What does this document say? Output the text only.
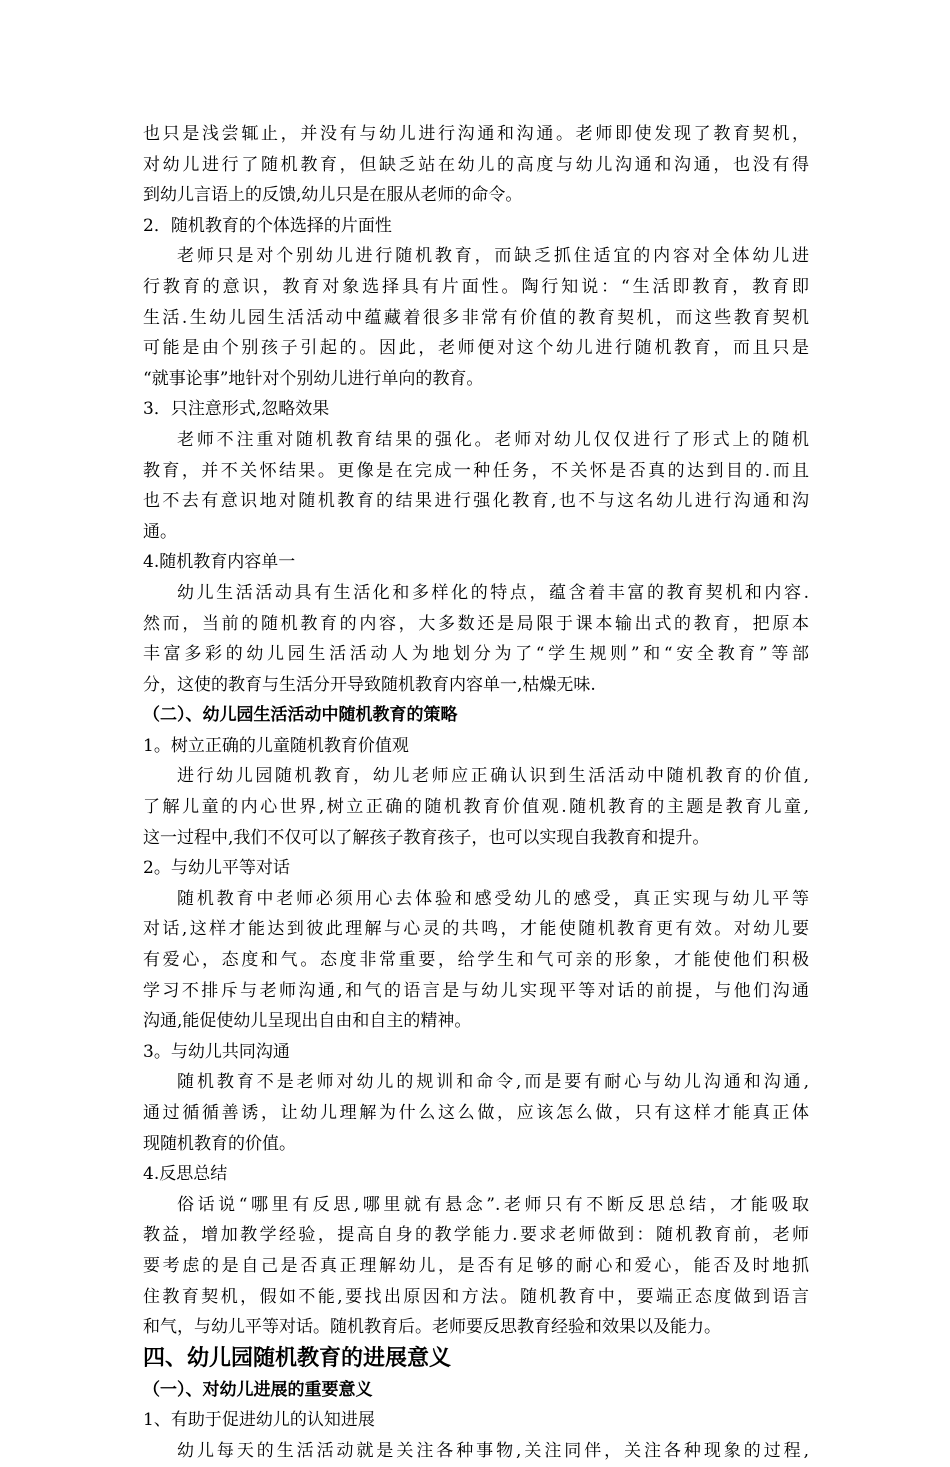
也只是浅尝辄止，并没有与幼儿进行沟通和沟通。老师即使发现了教育契机，
对幼儿进行了随机教育，但缺乏站在幼儿的高度与幼儿沟通和沟通，也没有得
到幼儿言语上的反馈,幼儿只是在服从老师的命令。
2．随机教育的个体选择的片面性
老师只是对个别幼儿进行随机教育，而缺乏抓住适宜的内容对全体幼儿进
行教育的意识，教育对象选择具有片面性。陶行知说：“生活即教育，教育即
生活.生幼儿园生活活动中蕴藏着很多非常有价值的教育契机，而这些教育契机
可能是由个别孩子引起的。因此，老师便对这个幼儿进行随机教育，而且只是
“就事论事”地针对个别幼儿进行单向的教育。
3．只注意形式,忽略效果
老师不注重对随机教育结果的强化。老师对幼儿仅仅进行了形式上的随机
教育，并不关怀结果。更像是在完成一种任务，不关怀是否真的达到目的.而且
也不去有意识地对随机教育的结果进行强化教育,也不与这名幼儿进行沟通和沟
通。
4.随机教育内容单一
幼儿生活活动具有生活化和多样化的特点，蕴含着丰富的教育契机和内容.
然而，当前的随机教育的内容，大多数还是局限于课本输出式的教育，把原本
丰富多彩的幼儿园生活活动人为地划分为了“学生规则”和“安全教育”等部
分，这使的教育与生活分开导致随机教育内容单一,枯燥无味.
（二）、幼儿园生活活动中随机教育的策略
1。树立正确的儿童随机教育价值观
进行幼儿园随机教育，幼儿老师应正确认识到生活活动中随机教育的价值,
了解儿童的内心世界,树立正确的随机教育价值观.随机教育的主题是教育儿童,
这一过程中,我们不仅可以了解孩子教育孩子，也可以实现自我教育和提升。
2。与幼儿平等对话
随机教育中老师必须用心去体验和感受幼儿的感受，真正实现与幼儿平等
对话,这样才能达到彼此理解与心灵的共鸣，才能使随机教育更有效。对幼儿要
有爱心，态度和气。态度非常重要，给学生和气可亲的形象，才能使他们积极
学习不排斥与老师沟通,和气的语言是与幼儿实现平等对话的前提，与他们沟通
沟通,能促使幼儿呈现出自由和自主的精神。
3。与幼儿共同沟通
随机教育不是老师对幼儿的规训和命令,而是要有耐心与幼儿沟通和沟通,
通过循循善诱，让幼儿理解为什么这么做，应该怎么做，只有这样才能真正体
现随机教育的价值。
4.反思总结
俗话说“哪里有反思,哪里就有悬念”.老师只有不断反思总结，才能吸取
教益，增加教学经验，提高自身的教学能力.要求老师做到：随机教育前，老师
要考虑的是自己是否真正理解幼儿，是否有足够的耐心和爱心，能否及时地抓
住教育契机，假如不能,要找出原因和方法。随机教育中，要端正态度做到语言
和气，与幼儿平等对话。随机教育后。老师要反思教育经验和效果以及能力。
四、幼儿园随机教育的进展意义
（一）、对幼儿进展的重要意义
1、有助于促进幼儿的认知进展
幼儿每天的生活活动就是关注各种事物,关注同伴，关注各种现象的过程,
